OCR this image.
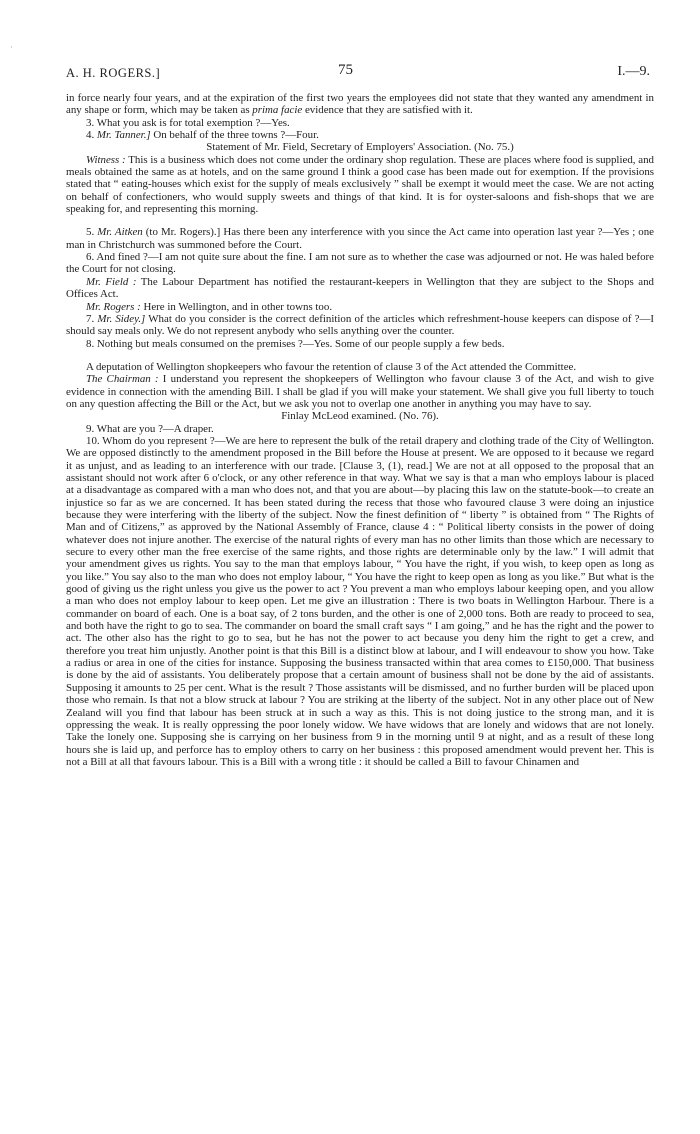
·
A. H. ROGERS.]	75	I.—9.

in force nearly four years, and at the expiration of the first two years the employees did not state that they wanted any amendment in any shape or form, which may be taken as prima facie evidence that they are satisfied with it.

3. What you ask is for total exemption ?—Yes.

4. Mr. Tanner.] On behalf of the three towns ?—Four.

Statement of Mr. Field, Secretary of Employers' Association. (No. 75.)

Witness : This is a business which does not come under the ordinary shop regulation. These are places where food is supplied, and meals obtained the same as at hotels, and on the same ground I think a good case has been made out for exemption. If the provisions stated that “ eating-houses which exist for the supply of meals exclusively ” shall be exempt it would meet the case. We are not acting on behalf of confectioners, who would supply sweets and things of that kind. It is for oyster-saloons and fish-shops that we are speaking for, and representing this morning.

5. Mr. Aitken (to Mr. Rogers).] Has there been any interference with you since the Act came into operation last year ?—Yes ; one man in Christchurch was summoned before the Court.

6. And fined ?—I am not quite sure about the fine. I am not sure as to whether the case was adjourned or not. He was haled before the Court for not closing.

Mr. Field : The Labour Department has notified the restaurant-keepers in Wellington that they are subject to the Shops and Offices Act.

Mr. Rogers : Here in Wellington, and in other towns too.

7. Mr. Sidey.] What do you consider is the correct definition of the articles which refreshment-house keepers can dispose of ?—I should say meals only. We do not represent anybody who sells anything over the counter.

8. Nothing but meals consumed on the premises ?—Yes. Some of our people supply a few beds.

A deputation of Wellington shopkeepers who favour the retention of clause 3 of the Act attended the Committee.

The Chairman : I understand you represent the shopkeepers of Wellington who favour clause 3 of the Act, and wish to give evidence in connection with the amending Bill. I shall be glad if you will make your statement. We shall give you full liberty to touch on any question affecting the Bill or the Act, but we ask you not to overlap one another in anything you may have to say.

Finlay McLeod examined. (No. 76).

9. What are you ?—A draper.

10. Whom do you represent ?—We are here to represent the bulk of the retail drapery and clothing trade of the City of Wellington. We are opposed distinctly to the amendment proposed in the Bill before the House at present. We are opposed to it because we regard it as unjust, and as leading to an interference with our trade. [Clause 3, (1), read.] We are not at all opposed to the proposal that an assistant should not work after 6 o'clock, or any other reference in that way. What we say is that a man who employs labour is placed at a disadvantage as compared with a man who does not, and that you are about—by placing this law on the statute-book—to create an injustice so far as we are concerned. It has been stated during the recess that those who favoured clause 3 were doing an injustice because they were interfering with the liberty of the subject. Now the finest definition of “ liberty ” is obtained from “ The Rights of Man and of Citizens,” as approved by the National Assembly of France, clause 4 : “ Political liberty consists in the power of doing whatever does not injure another. The exercise of the natural rights of every man has no other limits than those which are necessary to secure to every other man the free exercise of the same rights, and those rights are determinable only by the law.” I will admit that your amendment gives us rights. You say to the man that employs labour, “ You have the right, if you wish, to keep open as long as you like.” You say also to the man who does not employ labour, “ You have the right to keep open as long as you like.” But what is the good of giving us the right unless you give us the power to act ? You prevent a man who employs labour keeping open, and you allow a man who does not employ labour to keep open. Let me give an illustration : There is two boats in Wellington Harbour. There is a commander on board of each. One is a boat say, of 2 tons burden, and the other is one of 2,000 tons. Both are ready to proceed to sea, and both have the right to go to sea. The commander on board the small craft says “ I am going,” and he has the right and the power to act. The other also has the right to go to sea, but he has not the power to act because you deny him the right to get a crew, and therefore you treat him unjustly. Another point is that this Bill is a distinct blow at labour, and I will endeavour to show you how. Take a radius or area in one of the cities for instance. Supposing the business transacted within that area comes to £150,000. That business is done by the aid of assistants. You deliberately propose that a certain amount of business shall not be done by the aid of assistants. Supposing it amounts to 25 per cent. What is the result ? Those assistants will be dismissed, and no further burden will be placed upon those who remain. Is that not a blow struck at labour ? You are striking at the liberty of the subject. Not in any other place out of New Zealand will you find that labour has been struck at in such a way as this. This is not doing justice to the strong man, and it is oppressing the weak. It is really oppressing the poor lonely widow. We have widows that are lonely and widows that are not lonely. Take the lonely one. Supposing she is carrying on her business from 9 in the morning until 9 at night, and as a result of these long hours she is laid up, and perforce has to employ others to carry on her business : this proposed amendment would prevent her. This is not a Bill at all that favours labour. This is a Bill with a wrong title : it should be called a Bill to favour Chinamen and
